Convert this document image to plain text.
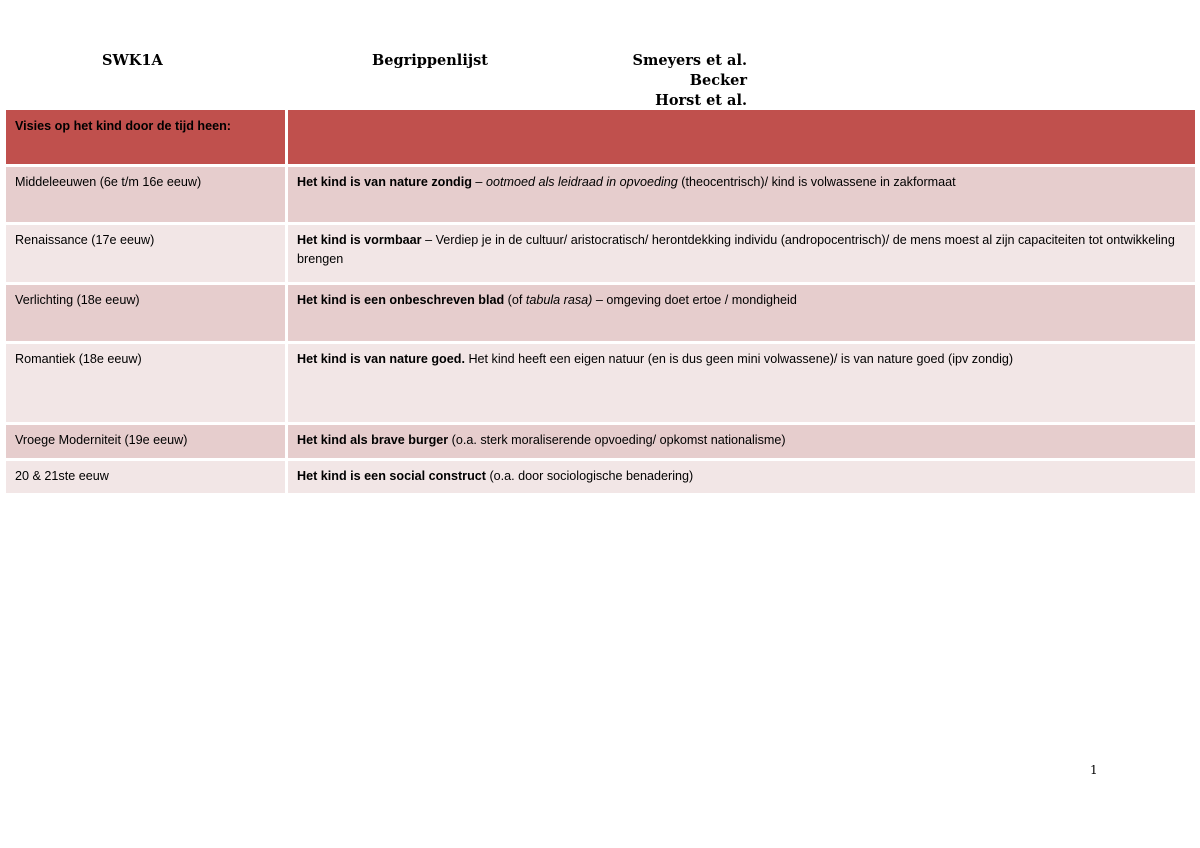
SWK1A	Begrippenlijst	Smeyers et al.
Becker
Horst et al.
Visies op het kind door de tijd heen:	
Middeleeuwen (6e t/m 16e eeuw)	Het kind is van nature zondig – ootmoed als leidraad in opvoeding (theocentrisch)/ kind is volwassene in zakformaat
Renaissance (17e eeuw)	Het kind is vormbaar – Verdiep je in de cultuur/ aristocratisch/ herontdekking individu (andropocentrisch)/ de mens moest al zijn capaciteiten tot ontwikkeling brengen
Verlichting (18e eeuw)	Het kind is een onbeschreven blad (of tabula rasa) – omgeving doet ertoe / mondigheid
Romantiek (18e eeuw)	Het kind is van nature goed. Het kind heeft een eigen natuur (en is dus geen mini volwassene)/ is van nature goed (ipv zondig)
Vroege Moderniteit (19e eeuw)	Het kind als brave burger (o.a. sterk moraliserende opvoeding/ opkomst nationalisme)
20 & 21ste eeuw	Het kind is een social construct (o.a. door sociologische benadering)
1
